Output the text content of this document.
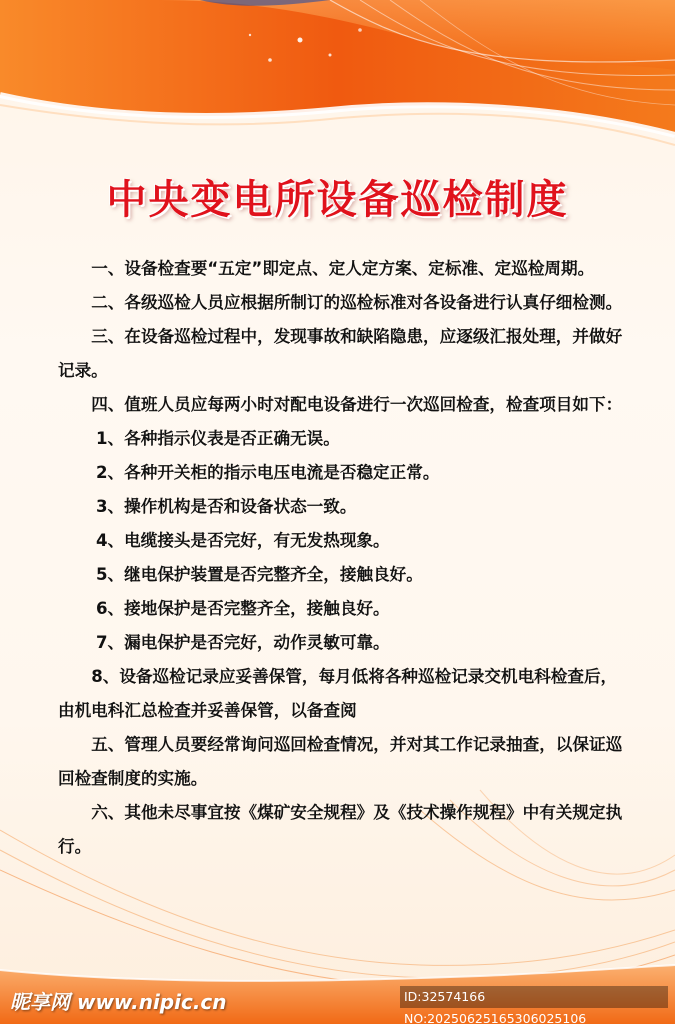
中央变电所设备巡检制度

一、设备检查要“五定”即定点、定人定方案、定标准、定巡检周期。

二、各级巡检人员应根据所制订的巡检标准对各设备进行认真仔细检测。

三、在设备巡检过程中，发现事故和缺陷隐患，应逐级汇报处理，并做好记录。

四、值班人员应每两小时对配电设备进行一次巡回检查，检查项目如下：

1、各种指示仪表是否正确无误。

2、各种开关柜的指示电压电流是否稳定正常。

3、操作机构是否和设备状态一致。

4、电缆接头是否完好，有无发热现象。

5、继电保护装置是否完整齐全，接触良好。

6、接地保护是否完整齐全，接触良好。

7、漏电保护是否完好，动作灵敏可靠。

8、设备巡检记录应妥善保管，每月低将各种巡检记录交机电科检查后，由机电科汇总检查并妥善保管，以备查阅

五、管理人员要经常询问巡回检查情况，并对其工作记录抽查，以保证巡回检查制度的实施。

六、其他未尽事宜按《煤矿安全规程》及《技术操作规程》中有关规定执行。

昵享网 www.nipic.cn	ID:32574166 NO:20250625165306025106
